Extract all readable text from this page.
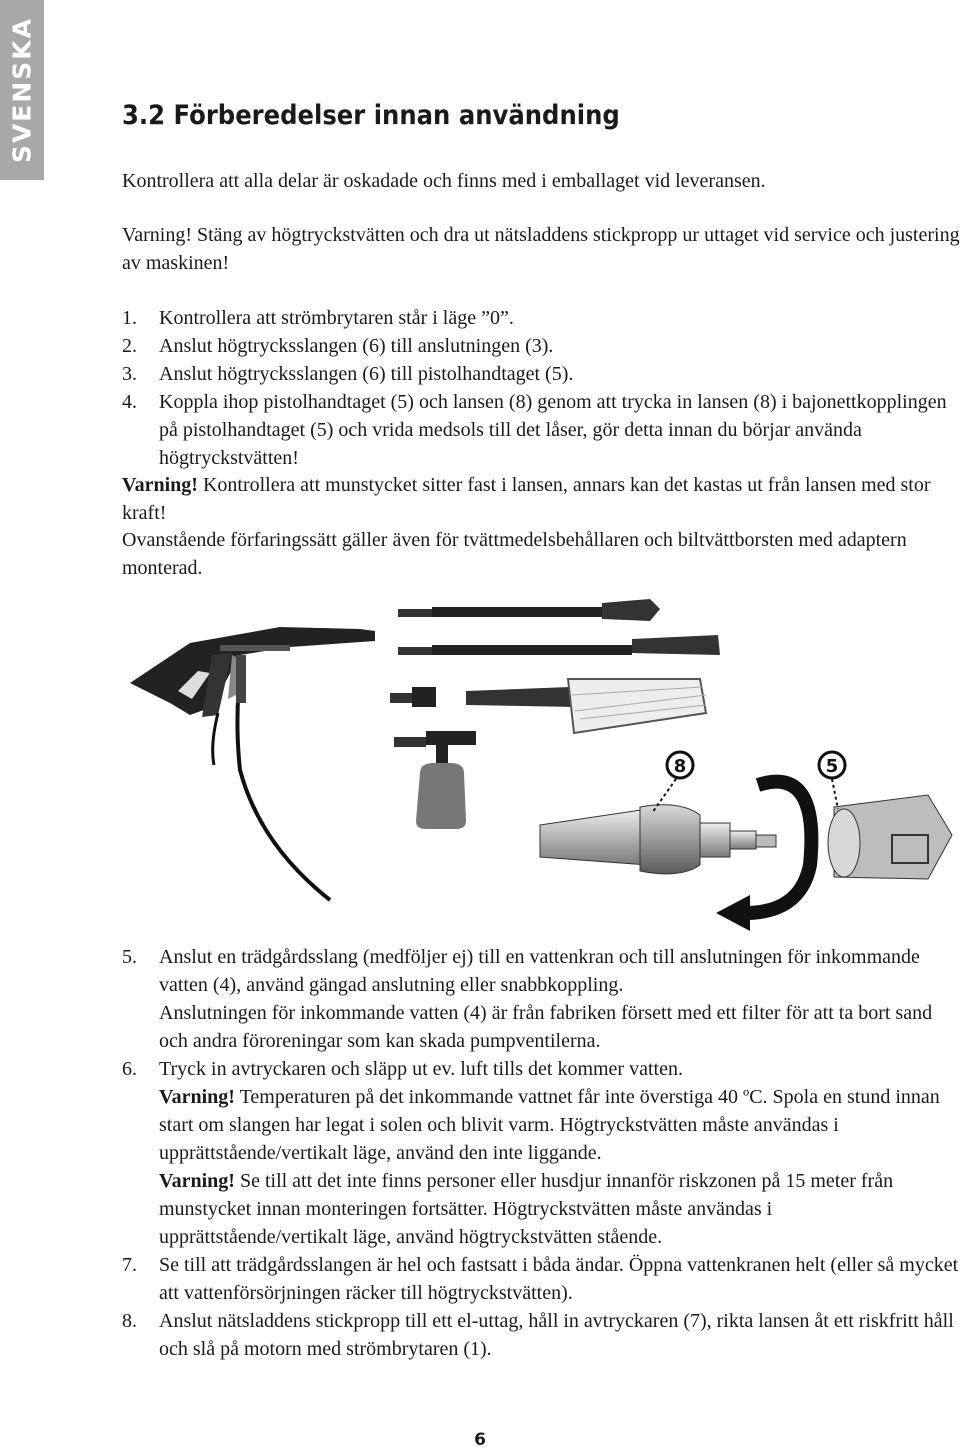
SVENSKA	3.2 Förberedelser innan användning

Kontrollera att alla delar är oskadade och finns med i emballaget vid leveransen.

Varning! Stäng av högtryckstvätten och dra ut nätsladdens stickpropp ur uttaget vid service och justering av maskinen!

1. Kontrollera att strömbrytaren står i läge ”0”.
2. Anslut högtrycksslangen (6) till anslutningen (3).
3. Anslut högtrycksslangen (6) till pistolhandtaget (5).
4. Koppla ihop pistolhandtaget (5) och lansen (8) genom att trycka in lansen (8) i bajonettkopplingen på pistolhandtaget (5) och vrida medsols till det låser, gör detta innan du börjar använda högtryckstvätten!

Varning! Kontrollera att munstycket sitter fast i lansen, annars kan det kastas ut från lansen med stor kraft!

Ovanstående förfaringssätt gäller även för tvättmedelsbehållaren och biltvättborsten med adaptern monterad.

8	5
5. Anslut en trädgårdsslang (medföljer ej) till en vattenkran och till anslutningen för inkommande vatten (4), använd gängad anslutning eller snabbkoppling.
Anslutningen för inkommande vatten (4) är från fabriken försett med ett filter för att ta bort sand och andra föroreningar som kan skada pumpventilerna.
6. Tryck in avtryckaren och släpp ut ev. luft tills det kommer vatten.
Varning! Temperaturen på det inkommande vattnet får inte överstiga 40 ºC. Spola en stund innan start om slangen har legat i solen och blivit varm. Högtryckstvätten måste användas i upprättstående/vertikalt läge, använd den inte liggande.
Varning! Se till att det inte finns personer eller husdjur innanför riskzonen på 15 meter från munstycket innan monteringen fortsätter. Högtryckstvätten måste användas i upprättstående/vertikalt läge, använd högtryckstvätten stående.
7. Se till att trädgårdsslangen är hel och fastsatt i båda ändar. Öppna vattenkranen helt (eller så mycket att vattenförsörjningen räcker till högtryckstvätten).
8. Anslut nätsladdens stickpropp till ett el-uttag, håll in avtryckaren (7), rikta lansen åt ett riskfritt håll och slå på motorn med strömbrytaren (1).
6
